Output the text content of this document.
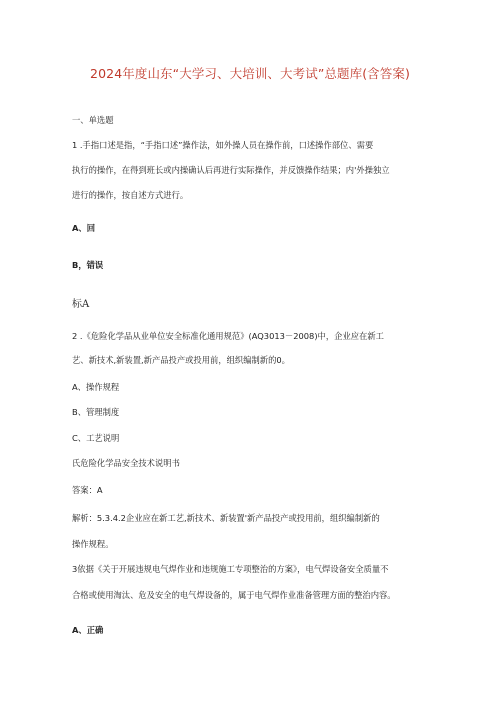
2024年度山东“大学习、大培训、大考试”总题库(含答案)
一、单选题
1 .手指口述是指，“手指口述”操作法，如外操人员在操作前，口述操作部位、需要
执行的操作，在得到班长或内操确认后再进行实际操作，并反馈操作结果；内'外操独立
进行的操作，按自述方式进行。
A、回
B，错误
标A
2 .《危险化学品从业单位安全标准化通用规范》(AQ3013－2008)中，企业应在新工
艺、新技术,新装置,新产品投产或投用前，组织编制新的0。
A、操作规程
B、管理制度
C、工艺说明
氏危险化学品安全技术说明书
答案：A
解析：5.3.4.2企业应在新工艺,新技术、新装置'新产品投产或投用前，组织编制新的
操作规程。
3依据《关于开展违规电气焊作业和违规施工专项整治的方案》，电气焊设备安全质量不
合格或使用淘汰、危及安全的电气焊设备的，属于电气焊作业准备管理方面的整治内容。
A、正确
